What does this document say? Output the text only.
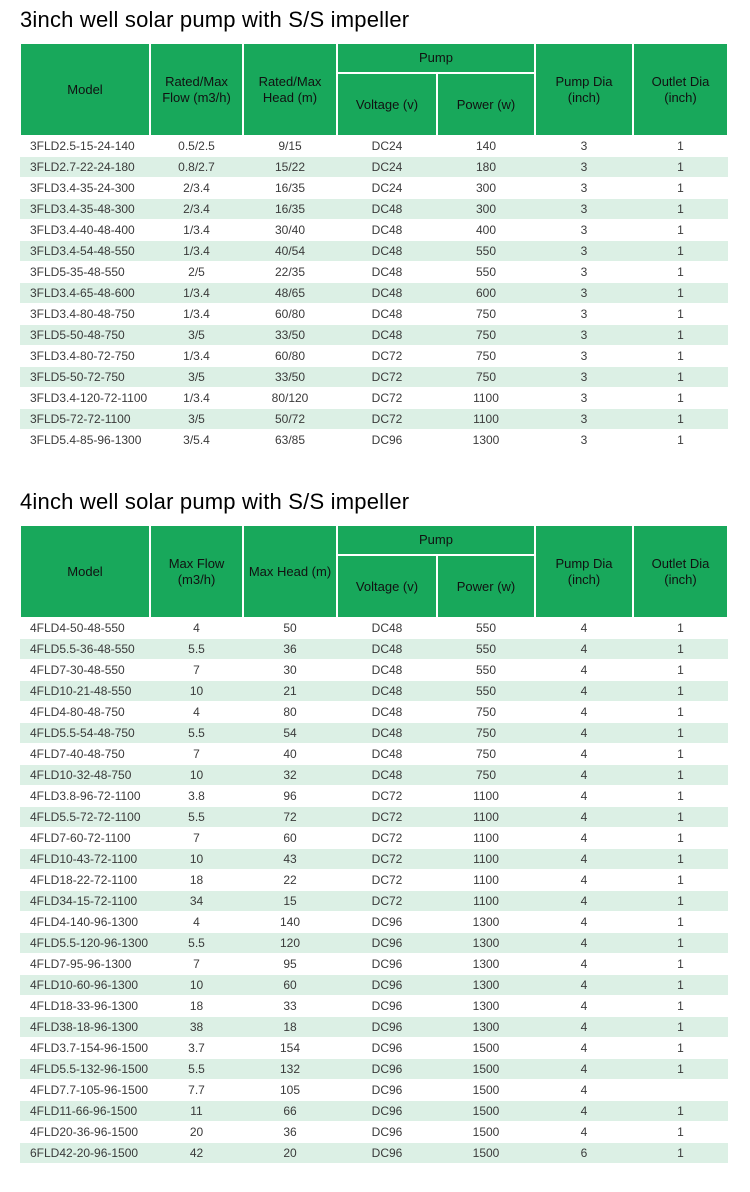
3inch well solar pump with S/S impeller
Model	Rated/Max Flow (m3/h)	Rated/Max Head (m)	Pump		Pump Dia (inch)	Outlet Dia (inch)
			Voltage (v)	Power (w)		
3FLD2.5-15-24-140	0.5/2.5	9/15	DC24	140	3	1
3FLD2.7-22-24-180	0.8/2.7	15/22	DC24	180	3	1
3FLD3.4-35-24-300	2/3.4	16/35	DC24	300	3	1
3FLD3.4-35-48-300	2/3.4	16/35	DC48	300	3	1
3FLD3.4-40-48-400	1/3.4	30/40	DC48	400	3	1
3FLD3.4-54-48-550	1/3.4	40/54	DC48	550	3	1
3FLD5-35-48-550	2/5	22/35	DC48	550	3	1
3FLD3.4-65-48-600	1/3.4	48/65	DC48	600	3	1
3FLD3.4-80-48-750	1/3.4	60/80	DC48	750	3	1
3FLD5-50-48-750	3/5	33/50	DC48	750	3	1
3FLD3.4-80-72-750	1/3.4	60/80	DC72	750	3	1
3FLD5-50-72-750	3/5	33/50	DC72	750	3	1
3FLD3.4-120-72-1100	1/3.4	80/120	DC72	1100	3	1
3FLD5-72-72-1100	3/5	50/72	DC72	1100	3	1
3FLD5.4-85-96-1300	3/5.4	63/85	DC96	1300	3	1
4inch well solar pump with S/S impeller
Model	Max Flow (m3/h)	Max Head (m)	Pump		Pump Dia (inch)	Outlet Dia (inch)
			Voltage (v)	Power (w)		
4FLD4-50-48-550	4	50	DC48	550	4	1
4FLD5.5-36-48-550	5.5	36	DC48	550	4	1
4FLD7-30-48-550	7	30	DC48	550	4	1
4FLD10-21-48-550	10	21	DC48	550	4	1
4FLD4-80-48-750	4	80	DC48	750	4	1
4FLD5.5-54-48-750	5.5	54	DC48	750	4	1
4FLD7-40-48-750	7	40	DC48	750	4	1
4FLD10-32-48-750	10	32	DC48	750	4	1
4FLD3.8-96-72-1100	3.8	96	DC72	1100	4	1
4FLD5.5-72-72-1100	5.5	72	DC72	1100	4	1
4FLD7-60-72-1100	7	60	DC72	1100	4	1
4FLD10-43-72-1100	10	43	DC72	1100	4	1
4FLD18-22-72-1100	18	22	DC72	1100	4	1
4FLD34-15-72-1100	34	15	DC72	1100	4	1
4FLD4-140-96-1300	4	140	DC96	1300	4	1
4FLD5.5-120-96-1300	5.5	120	DC96	1300	4	1
4FLD7-95-96-1300	7	95	DC96	1300	4	1
4FLD10-60-96-1300	10	60	DC96	1300	4	1
4FLD18-33-96-1300	18	33	DC96	1300	4	1
4FLD38-18-96-1300	38	18	DC96	1300	4	1
4FLD3.7-154-96-1500	3.7	154	DC96	1500	4	1
4FLD5.5-132-96-1500	5.5	132	DC96	1500	4	1
4FLD7.7-105-96-1500	7.7	105	DC96	1500	4	
4FLD11-66-96-1500	11	66	DC96	1500	4	1
4FLD20-36-96-1500	20	36	DC96	1500	4	1
6FLD42-20-96-1500	42	20	DC96	1500	6	1
